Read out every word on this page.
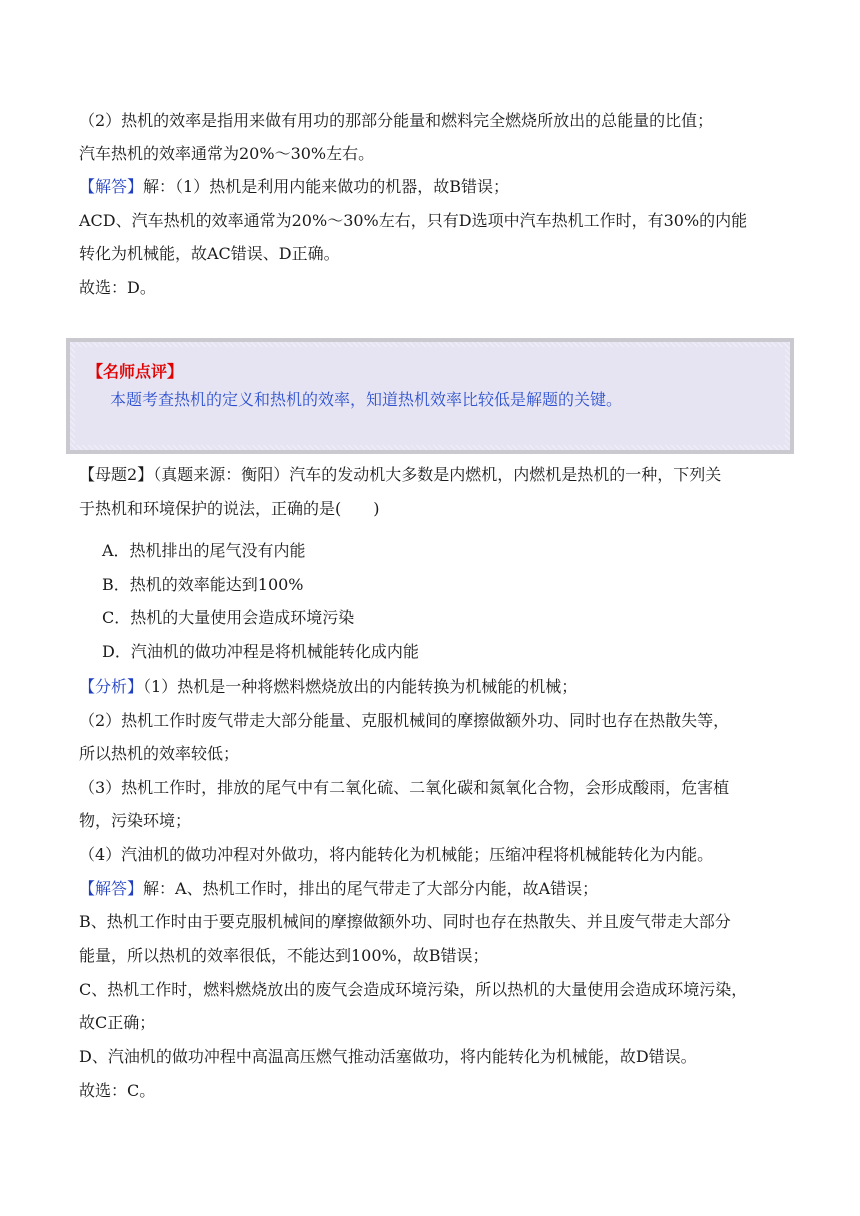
（2）热机的效率是指用来做有用功的那部分能量和燃料完全燃烧所放出的总能量的比值；
汽车热机的效率通常为20%～30%左右。
【解答】解：（1）热机是利用内能来做功的机器，故B错误；
ACD、汽车热机的效率通常为20%～30%左右，只有D选项中汽车热机工作时，有30%的内能
转化为机械能，故AC错误、D正确。
故选：D。
【名师点评】
本题考查热机的定义和热机的效率，知道热机效率比较低是解题的关键。
【母题2】（真题来源：衡阳）汽车的发动机大多数是内燃机，内燃机是热机的一种，下列关
于热机和环境保护的说法，正确的是(　　)
A．热机排出的尾气没有内能
B．热机的效率能达到100%
C．热机的大量使用会造成环境污染
D．汽油机的做功冲程是将机械能转化成内能
【分析】（1）热机是一种将燃料燃烧放出的内能转换为机械能的机械；
（2）热机工作时废气带走大部分能量、克服机械间的摩擦做额外功、同时也存在热散失等，
所以热机的效率较低；
（3）热机工作时，排放的尾气中有二氧化硫、二氧化碳和氮氧化合物，会形成酸雨，危害植
物，污染环境；
（4）汽油机的做功冲程对外做功，将内能转化为机械能；压缩冲程将机械能转化为内能。
【解答】解：A、热机工作时，排出的尾气带走了大部分内能，故A错误；
B、热机工作时由于要克服机械间的摩擦做额外功、同时也存在热散失、并且废气带走大部分
能量，所以热机的效率很低，不能达到100%，故B错误；
C、热机工作时，燃料燃烧放出的废气会造成环境污染，所以热机的大量使用会造成环境污染，
故C正确；
D、汽油机的做功冲程中高温高压燃气推动活塞做功，将内能转化为机械能，故D错误。
故选：C。
